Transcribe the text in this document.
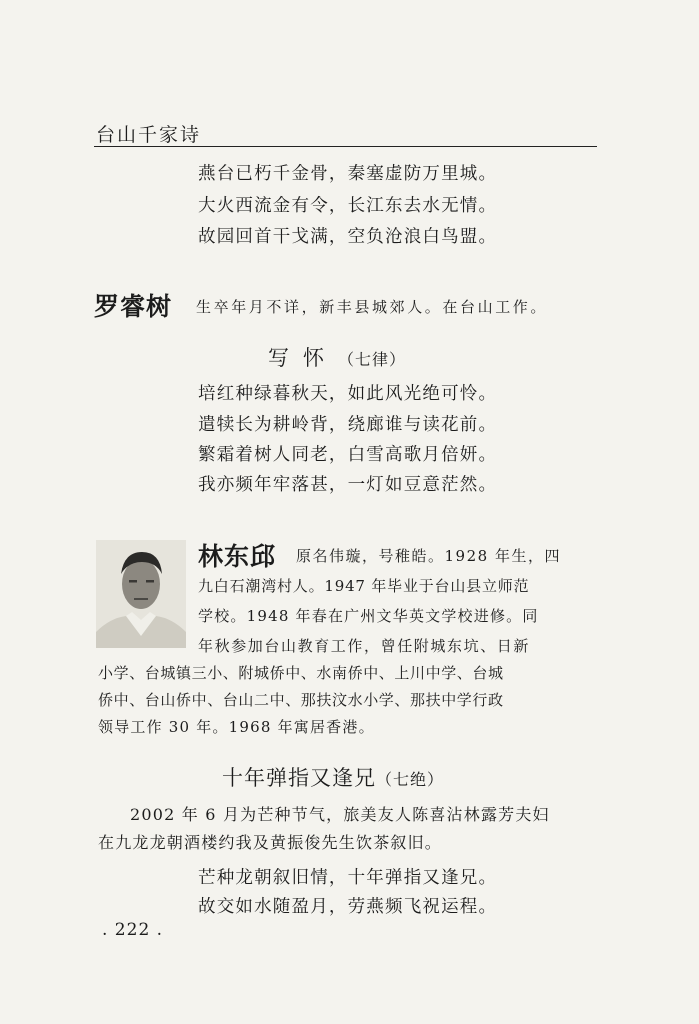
台山千家诗
燕台已朽千金骨，秦塞虚防万里城。
大火西流金有令，长江东去水无情。
故园回首干戈满，空负沧浪白鸟盟。
罗睿树 生卒年月不详，新丰县城郊人。在台山工作。
写怀（七律）
培红种绿暮秋天，如此风光绝可怜。
遣犊长为耕岭背，绕廊谁与读花前。
繁霜着树人同老，白雪高歌月倍妍。
我亦频年牢落甚，一灯如豆意茫然。
林东邱 原名伟璇，号稚皓。1928 年生，四
九白石潮湾村人。1947 年毕业于台山县立师范
学校。1948 年春在广州文华英文学校进修。同
年秋参加台山教育工作，曾任附城东坑、日新
小学、台城镇三小、附城侨中、水南侨中、上川中学、台城
侨中、台山侨中、台山二中、那扶汶水小学、那扶中学行政
领导工作 30 年。1968 年寓居香港。
十年弹指又逢兄（七绝）
2002 年 6 月为芒种节气，旅美友人陈喜沾林露芳夫妇
在九龙龙朝酒楼约我及黄振俊先生饮茶叙旧。
芒种龙朝叙旧情，十年弹指又逢兄。
故交如水随盈月，劳燕频飞祝运程。
. 222 .
